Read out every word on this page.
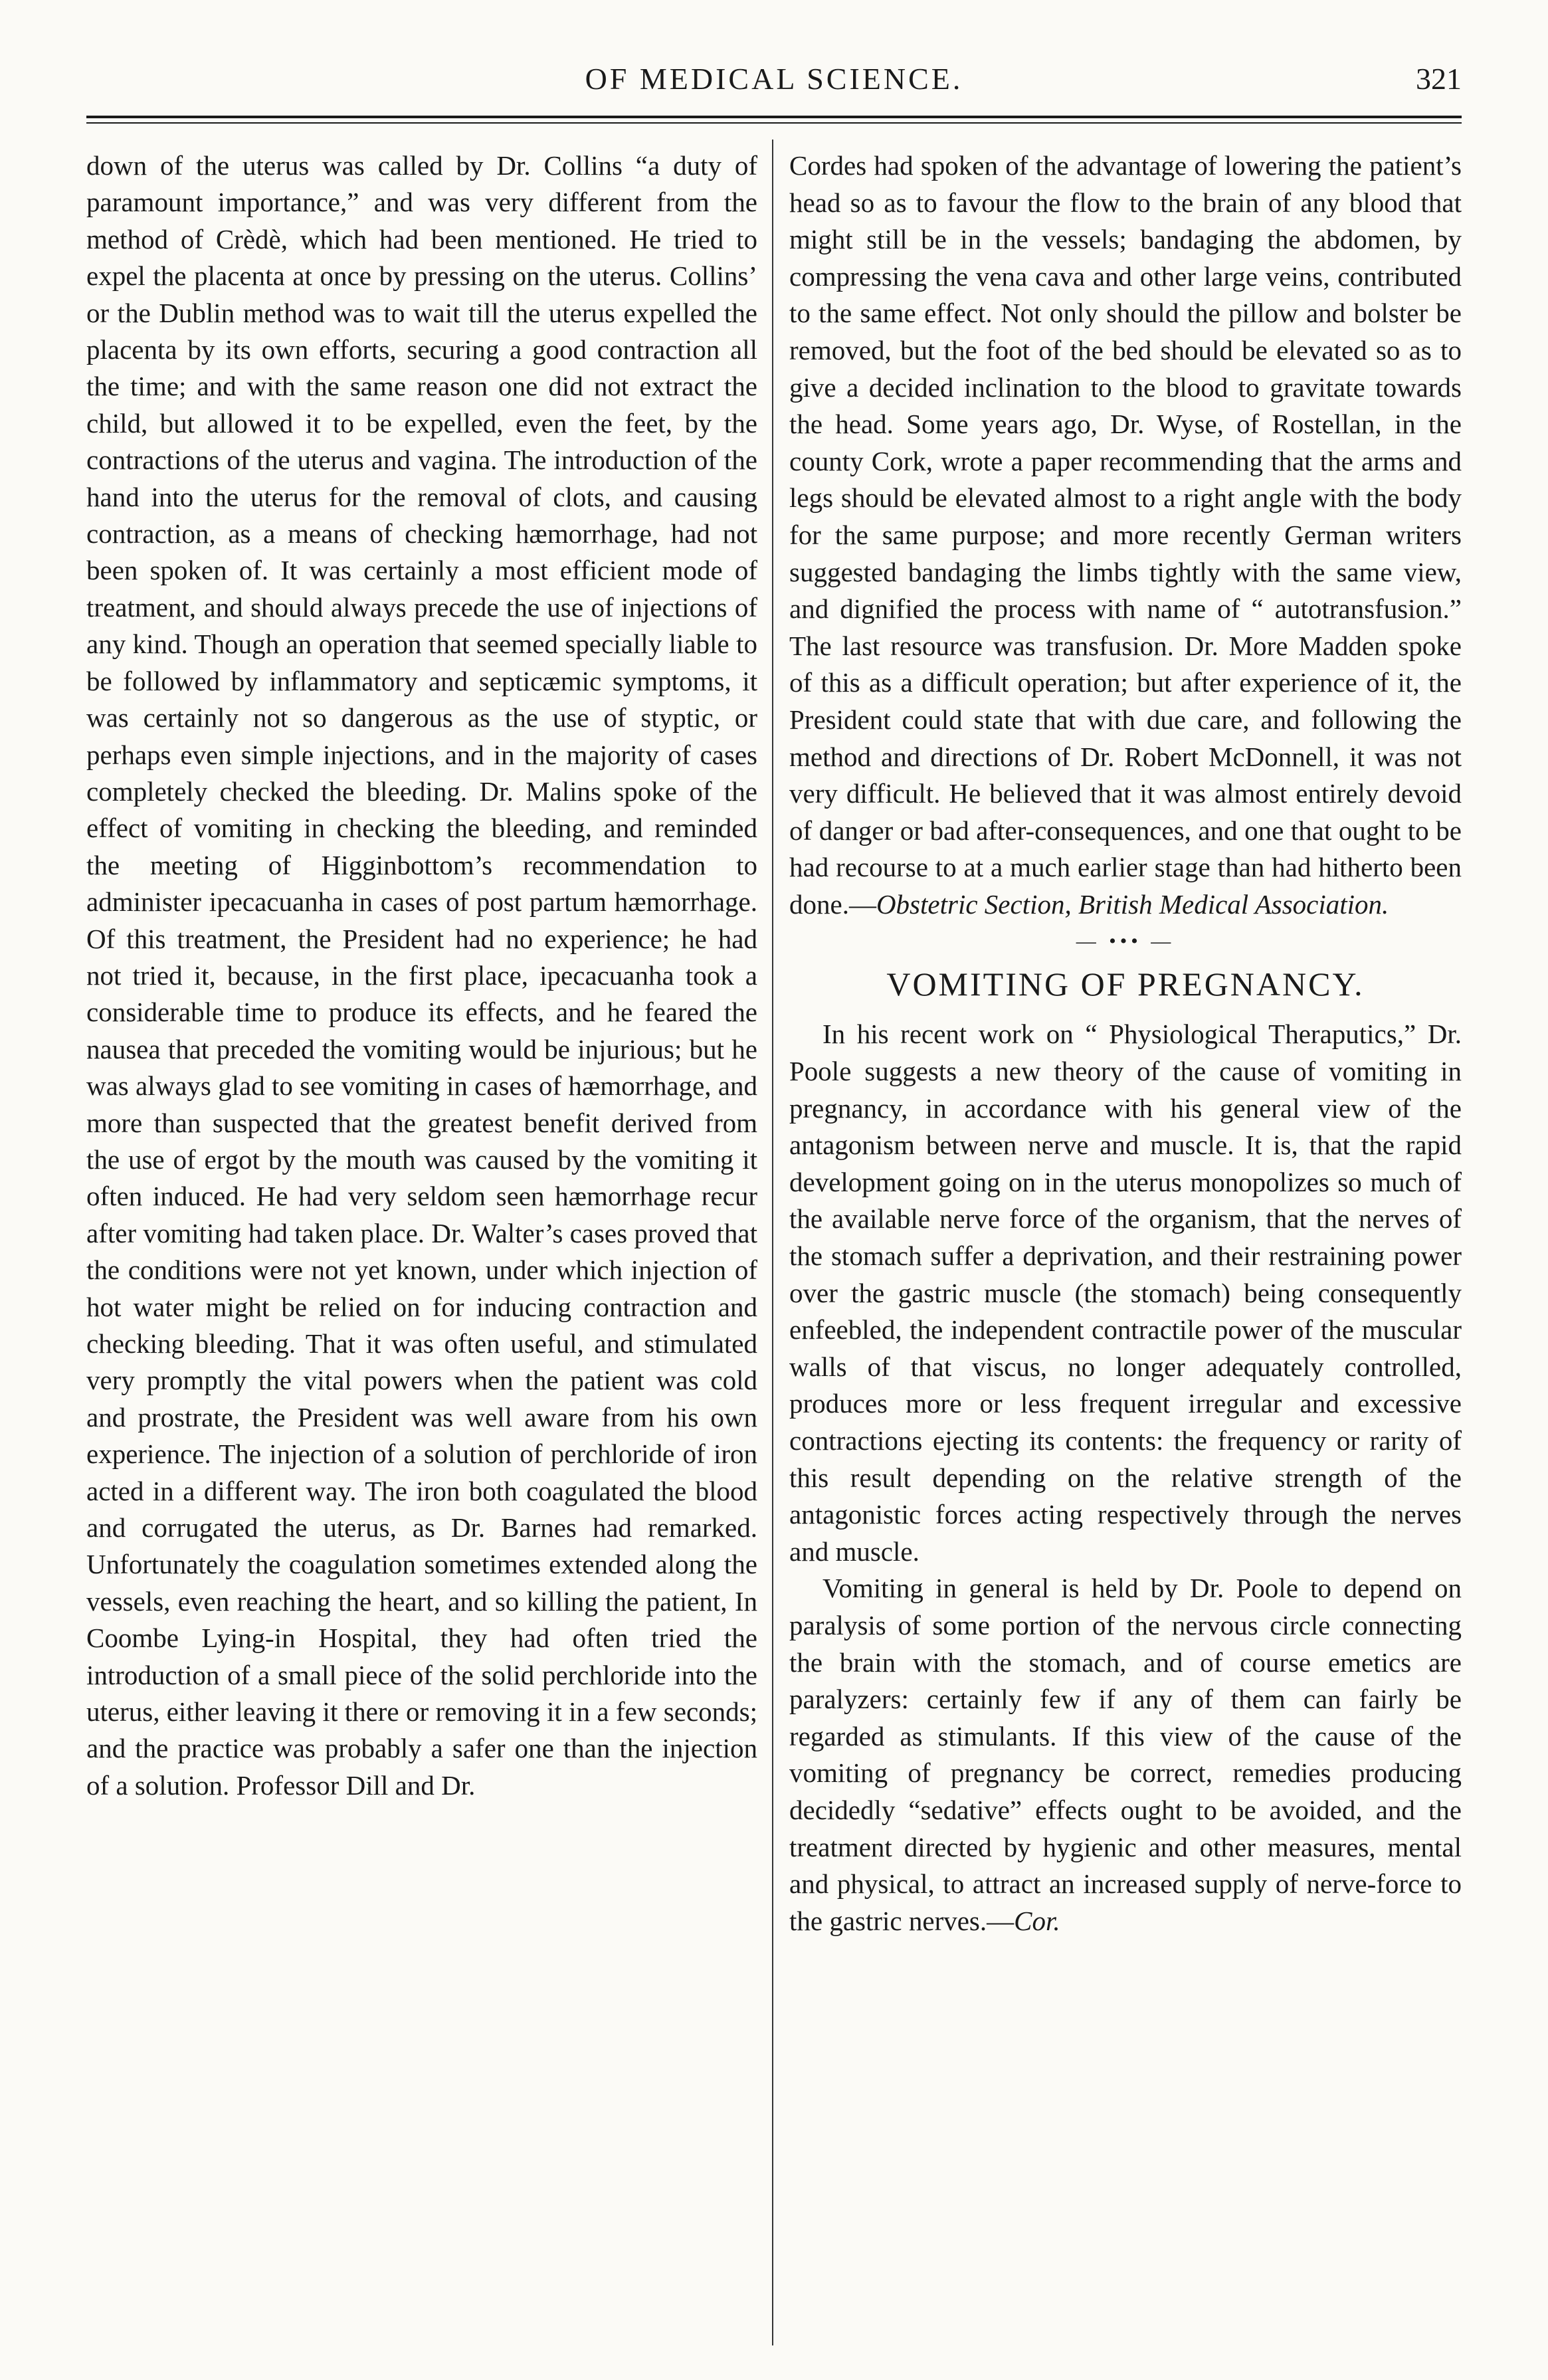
OF MEDICAL SCIENCE.	321

down of the uterus was called by Dr. Collins “a duty of paramount importance,” and was very different from the method of Crèdè, which had been mentioned. He tried to expel the placenta at once by pressing on the uterus. Collins’ or the Dublin method was to wait till the uterus expelled the placenta by its own efforts, securing a good contraction all the time; and with the same reason one did not extract the child, but allowed it to be expelled, even the feet, by the contractions of the uterus and vagina. The introduction of the hand into the uterus for the removal of clots, and causing contraction, as a means of checking hæmorrhage, had not been spoken of. It was certainly a most efficient mode of treatment, and should always precede the use of injections of any kind. Though an operation that seemed specially liable to be followed by inflammatory and septicæmic symptoms, it was certainly not so dangerous as the use of styptic, or perhaps even simple injections, and in the majority of cases completely checked the bleeding. Dr. Malins spoke of the effect of vomiting in checking the bleeding, and reminded the meeting of Higginbottom’s recommendation to administer ipecacuanha in cases of post partum hæmorrhage. Of this treatment, the President had no experience; he had not tried it, because, in the first place, ipecacuanha took a considerable time to produce its effects, and he feared the nausea that preceded the vomiting would be injurious; but he was always glad to see vomiting in cases of hæmorrhage, and more than suspected that the greatest benefit derived from the use of ergot by the mouth was caused by the vomiting it often induced. He had very seldom seen hæmorrhage recur after vomiting had taken place. Dr. Walter’s cases proved that the conditions were not yet known, under which injection of hot water might be relied on for inducing contraction and checking bleeding. That it was often useful, and stimulated very promptly the vital powers when the patient was cold and prostrate, the President was well aware from his own experience. The injection of a solution of perchloride of iron acted in a different way. The iron both coagulated the blood and corrugated the uterus, as Dr. Barnes had remarked. Unfortunately the coagulation sometimes extended along the vessels, even reaching the heart, and so killing the patient, In Coombe Lying-in Hospital, they had often tried the introduction of a small piece of the solid perchloride into the uterus, either leaving it there or removing it in a few seconds; and the practice was probably a safer one than the injection of a solution. Professor Dill and Dr.

Cordes had spoken of the advantage of lowering the patient’s head so as to favour the flow to the brain of any blood that might still be in the vessels; bandaging the abdomen, by compressing the vena cava and other large veins, contributed to the same effect. Not only should the pillow and bolster be removed, but the foot of the bed should be elevated so as to give a decided inclination to the blood to gravitate towards the head. Some years ago, Dr. Wyse, of Rostellan, in the county Cork, wrote a paper recommending that the arms and legs should be elevated almost to a right angle with the body for the same purpose; and more recently German writers suggested bandaging the limbs tightly with the same view, and dignified the process with name of “ autotransfusion.” The last resource was transfusion. Dr. More Madden spoke of this as a difficult operation; but after experience of it, the President could state that with due care, and following the method and directions of Dr. Robert McDonnell, it was not very difficult. He believed that it was almost entirely devoid of danger or bad after-consequences, and one that ought to be had recourse to at a much earlier stage than had hitherto been done.—Obstetric Section, British Medical Association.

— ••• —
VOMITING OF PREGNANCY.

In his recent work on “ Physiological Theraputics,” Dr. Poole suggests a new theory of the cause of vomiting in pregnancy, in accordance with his general view of the antagonism between nerve and muscle. It is, that the rapid development going on in the uterus monopolizes so much of the available nerve force of the organism, that the nerves of the stomach suffer a deprivation, and their restraining power over the gastric muscle (the stomach) being consequently enfeebled, the independent contractile power of the muscular walls of that viscus, no longer adequately controlled, produces more or less frequent irregular and excessive contractions ejecting its contents: the frequency or rarity of this result depending on the relative strength of the antagonistic forces acting respectively through the nerves and muscle.

Vomiting in general is held by Dr. Poole to depend on paralysis of some portion of the nervous circle connecting the brain with the stomach, and of course emetics are paralyzers: certainly few if any of them can fairly be regarded as stimulants. If this view of the cause of the vomiting of pregnancy be correct, remedies producing decidedly “sedative” effects ought to be avoided, and the treatment directed by hygienic and other measures, mental and physical, to attract an increased supply of nerve-force to the gastric nerves.—Cor.
